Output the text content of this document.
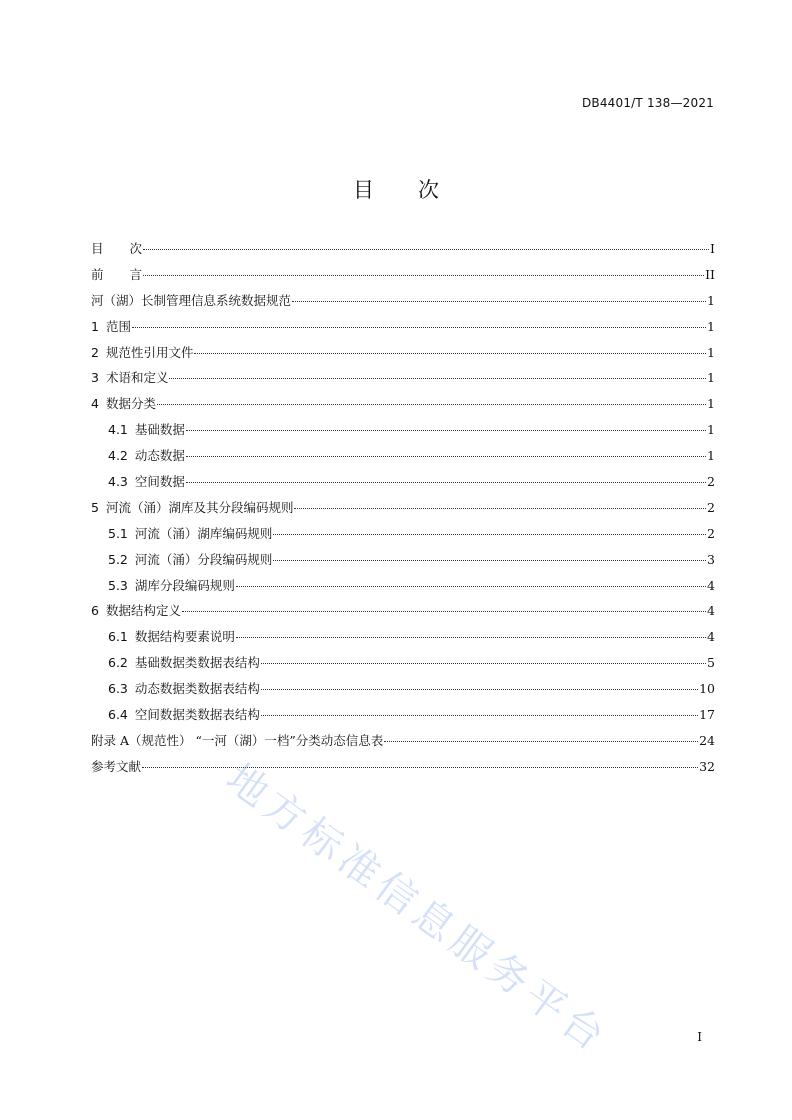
DB4401/T 138—2021
目 次
目次	I
前言	II
河（湖）长制管理信息系统数据规范	1
1 范围	1
2 规范性引用文件	1
3 术语和定义	1
4 数据分类	1
4.1 基础数据	1
4.2 动态数据	1
4.3 空间数据	2
5 河流（涌）湖库及其分段编码规则	2
5.1 河流（涌）湖库编码规则	2
5.2 河流（涌）分段编码规则	3
5.3 湖库分段编码规则	4
6 数据结构定义	4
6.1 数据结构要素说明	4
6.2 基础数据类数据表结构	5
6.3 动态数据类数据表结构	10
6.4 空间数据类数据表结构	17
附录 A（规范性） “一河（湖）一档”分类动态信息表	24
参考文献	32
I
地方标准信息服务平台
